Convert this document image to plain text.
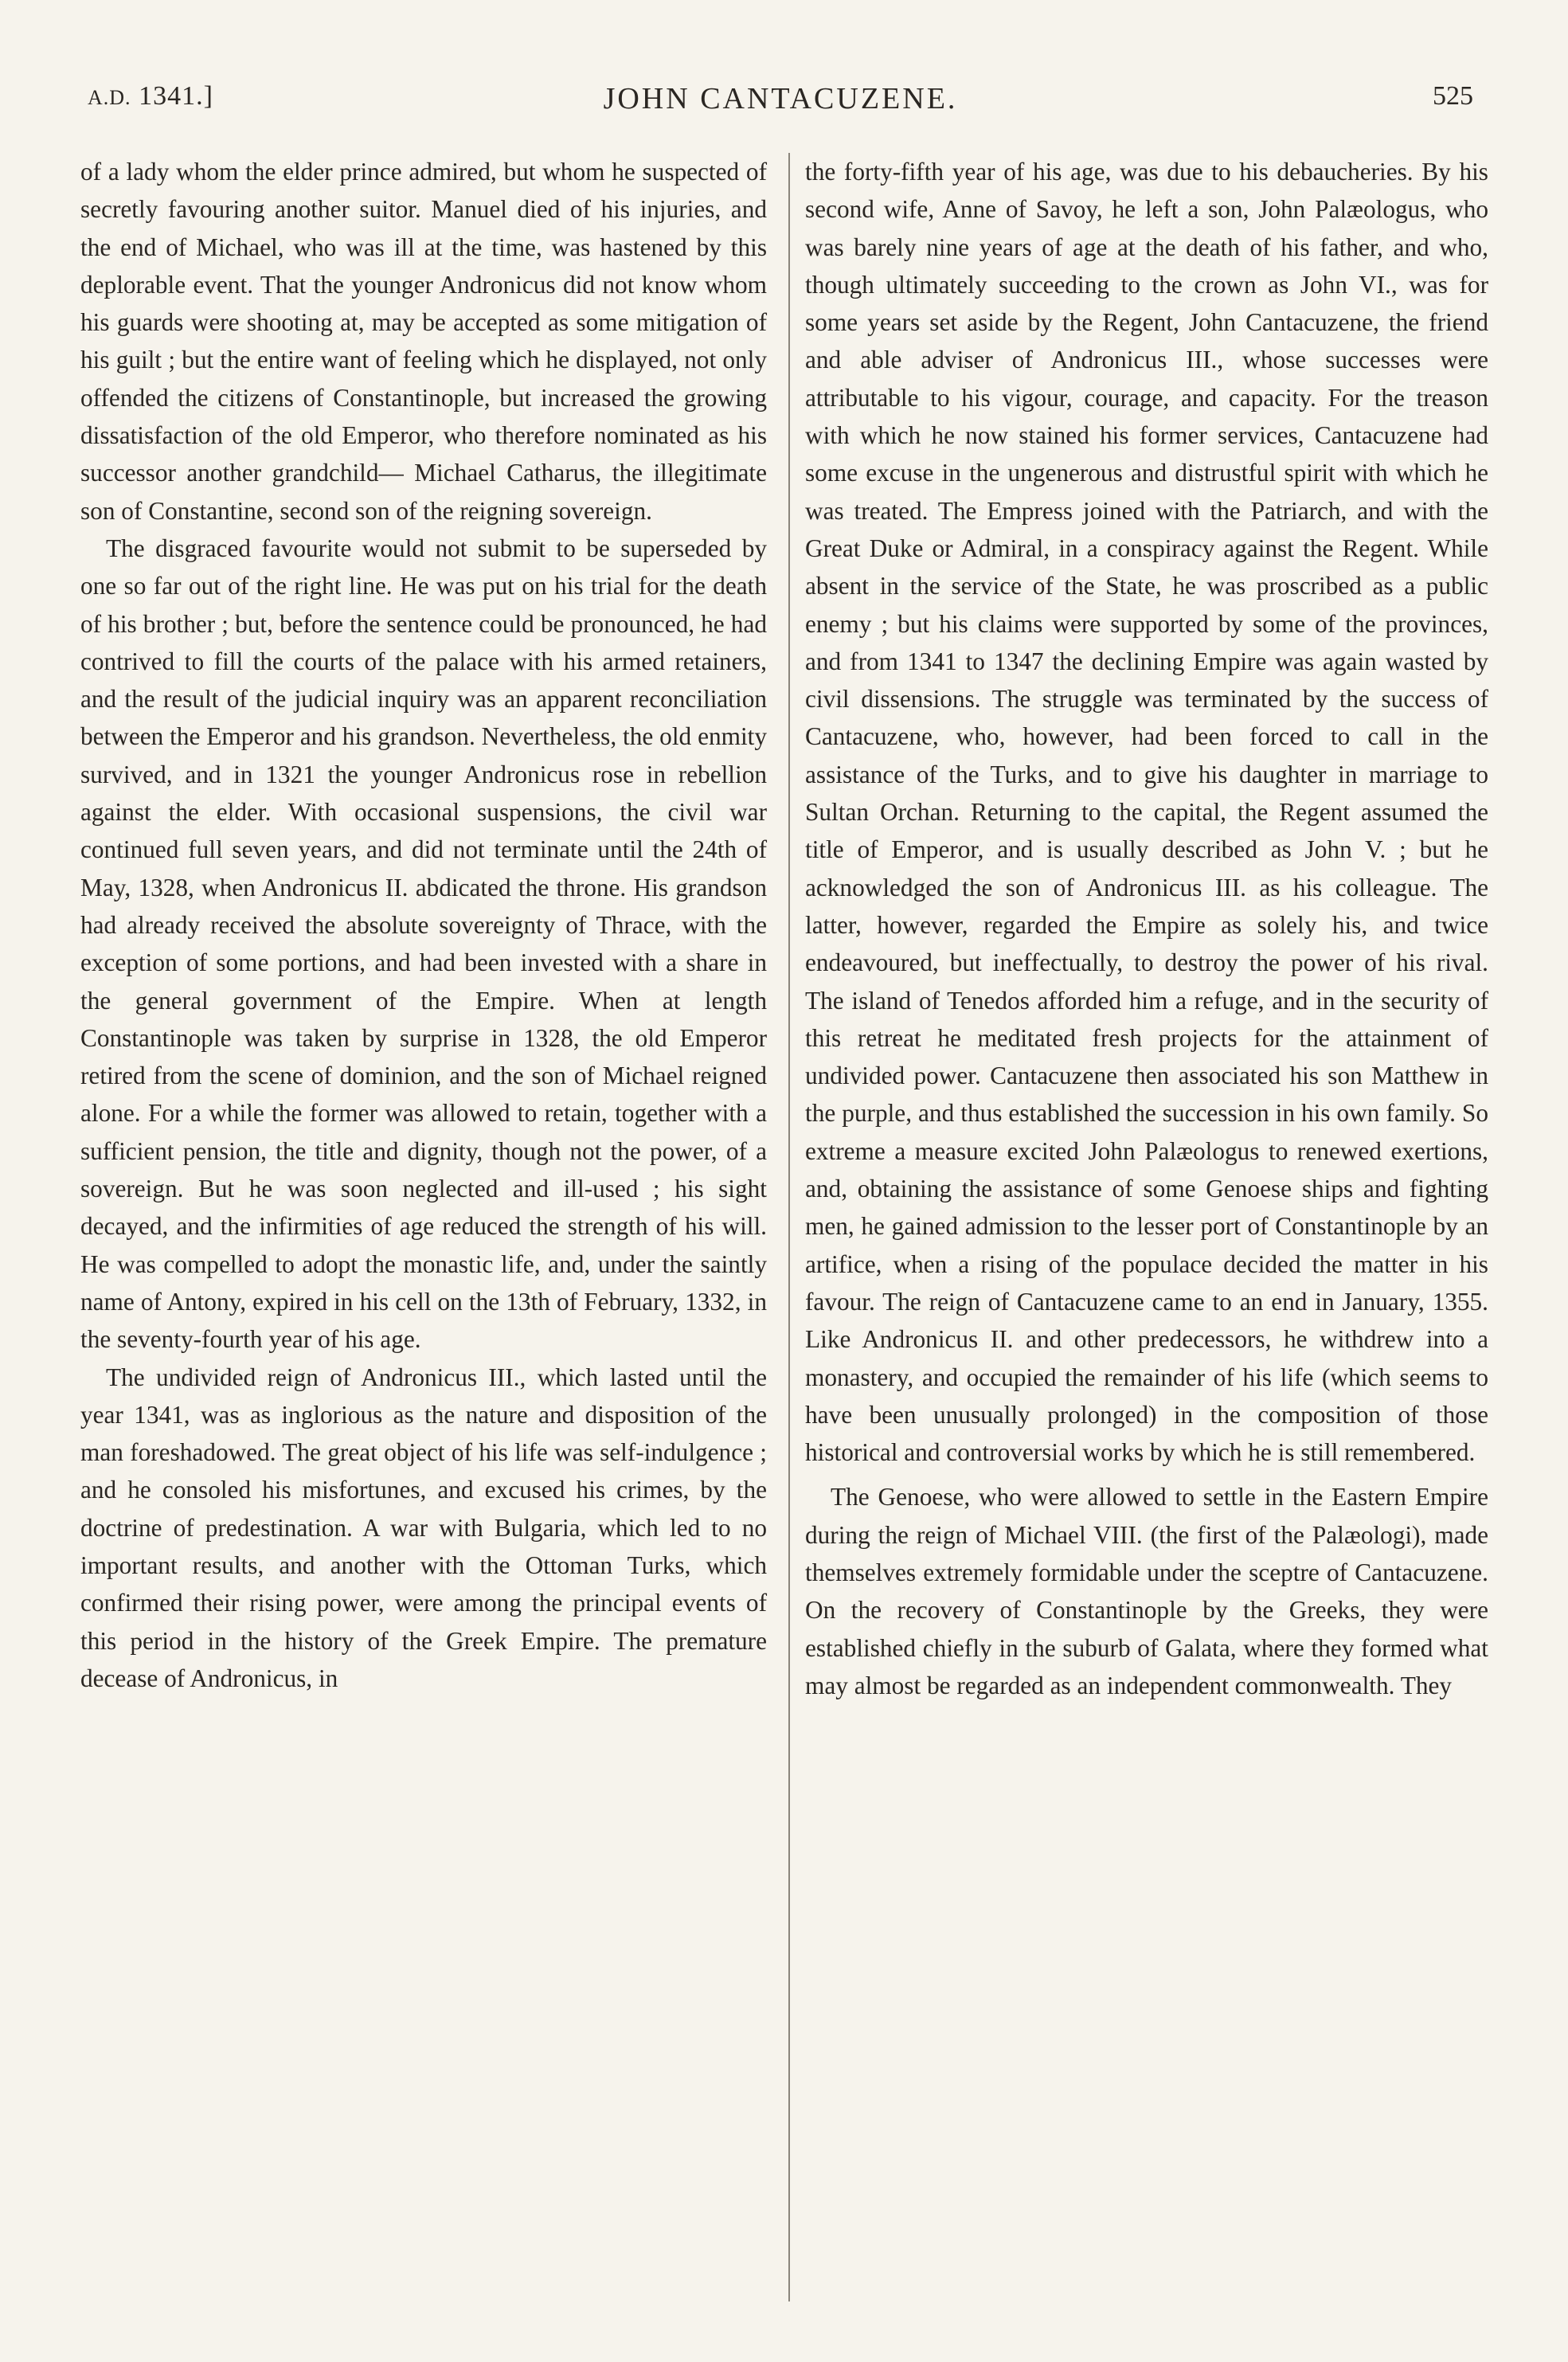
A.D. 1341.]	JOHN CANTACUZENE.	525

of a lady whom the elder prince admired, but whom he suspected of secretly favouring another suitor. Manuel died of his injuries, and the end of Michael, who was ill at the time, was hastened by this deplorable event. That the younger Andronicus did not know whom his guards were shooting at, may be accepted as some mitigation of his guilt ; but the entire want of feeling which he displayed, not only offended the citizens of Constantinople, but increased the growing dissatisfaction of the old Emperor, who therefore nominated as his successor another grandchild— Michael Catharus, the illegitimate son of Constantine, second son of the reigning sovereign.

The disgraced favourite would not submit to be superseded by one so far out of the right line. He was put on his trial for the death of his brother ; but, before the sentence could be pronounced, he had contrived to fill the courts of the palace with his armed retainers, and the result of the judicial inquiry was an apparent reconciliation between the Emperor and his grandson. Nevertheless, the old enmity survived, and in 1321 the younger Andronicus rose in rebellion against the elder. With occasional suspensions, the civil war continued full seven years, and did not terminate until the 24th of May, 1328, when Andronicus II. abdicated the throne. His grandson had already received the absolute sovereignty of Thrace, with the exception of some portions, and had been invested with a share in the general government of the Empire. When at length Constantinople was taken by surprise in 1328, the old Emperor retired from the scene of dominion, and the son of Michael reigned alone. For a while the former was allowed to retain, together with a sufficient pension, the title and dignity, though not the power, of a sovereign. But he was soon neglected and ill-used ; his sight decayed, and the infirmities of age reduced the strength of his will. He was compelled to adopt the monastic life, and, under the saintly name of Antony, expired in his cell on the 13th of February, 1332, in the seventy-fourth year of his age.

The undivided reign of Andronicus III., which lasted until the year 1341, was as inglorious as the nature and disposition of the man foreshadowed. The great object of his life was self-indulgence ; and he consoled his misfortunes, and excused his crimes, by the doctrine of predestination. A war with Bulgaria, which led to no important results, and another with the Ottoman Turks, which confirmed their rising power, were among the principal events of this period in the history of the Greek Empire. The premature decease of Andronicus, in

the forty-fifth year of his age, was due to his debaucheries. By his second wife, Anne of Savoy, he left a son, John Palæologus, who was barely nine years of age at the death of his father, and who, though ultimately succeeding to the crown as John VI., was for some years set aside by the Regent, John Cantacuzene, the friend and able adviser of Andronicus III., whose successes were attributable to his vigour, courage, and capacity. For the treason with which he now stained his former services, Cantacuzene had some excuse in the ungenerous and distrustful spirit with which he was treated. The Empress joined with the Patriarch, and with the Great Duke or Admiral, in a conspiracy against the Regent. While absent in the service of the State, he was proscribed as a public enemy ; but his claims were supported by some of the provinces, and from 1341 to 1347 the declining Empire was again wasted by civil dissensions. The struggle was terminated by the success of Cantacuzene, who, however, had been forced to call in the assistance of the Turks, and to give his daughter in marriage to Sultan Orchan. Returning to the capital, the Regent assumed the title of Emperor, and is usually described as John V. ; but he acknowledged the son of Andronicus III. as his colleague. The latter, however, regarded the Empire as solely his, and twice endeavoured, but ineffectually, to destroy the power of his rival. The island of Tenedos afforded him a refuge, and in the security of this retreat he meditated fresh projects for the attainment of undivided power. Cantacuzene then associated his son Matthew in the purple, and thus established the succession in his own family. So extreme a measure excited John Palæologus to renewed exertions, and, obtaining the assistance of some Genoese ships and fighting men, he gained admission to the lesser port of Constantinople by an artifice, when a rising of the populace decided the matter in his favour. The reign of Cantacuzene came to an end in January, 1355. Like Andronicus II. and other predecessors, he withdrew into a monastery, and occupied the remainder of his life (which seems to have been unusually prolonged) in the composition of those historical and controversial works by which he is still remembered.

The Genoese, who were allowed to settle in the Eastern Empire during the reign of Michael VIII. (the first of the Palæologi), made themselves extremely formidable under the sceptre of Cantacuzene. On the recovery of Constantinople by the Greeks, they were established chiefly in the suburb of Galata, where they formed what may almost be regarded as an independent commonwealth. They
